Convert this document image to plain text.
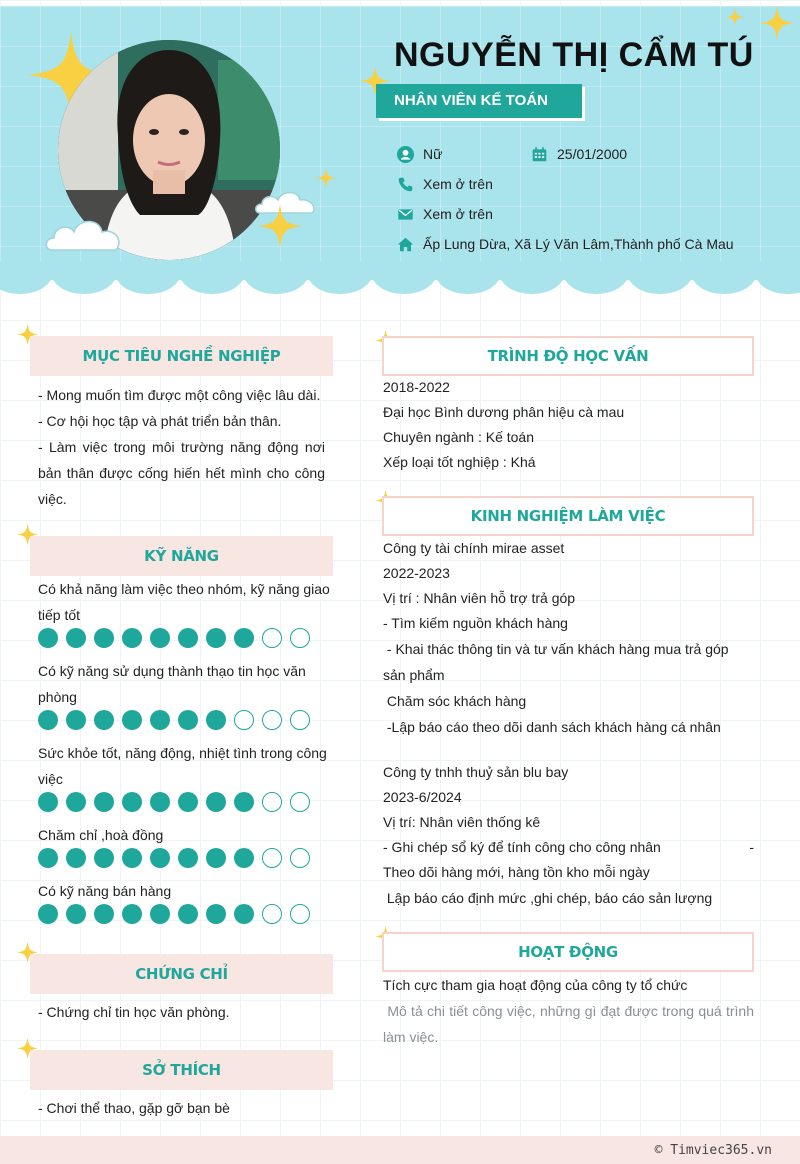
NGUYỄN THỊ CẨM TÚ
NHÂN VIÊN KẾ TOÁN
Nữ	25/01/2000
Xem ở trên
Xem ở trên
Ấp Lung Dừa, Xã Lý Văn Lâm,Thành phố Cà Mau
MỤC TIÊU NGHỀ NGHIỆP
- Mong muốn tìm được một công việc lâu dài.
- Cơ hội học tập và phát triển bản thân.
- Làm việc trong môi trường năng động nơi bản thân được cống hiến hết mình cho công việc.
KỸ NĂNG
Có khả năng làm việc theo nhóm, kỹ năng giao tiếp tốt
Có kỹ năng sử dụng thành thạo tin học văn phòng
Sức khỏe tốt, năng động, nhiệt tình trong công việc
Chăm chỉ ,hoà đồng
Có kỹ năng bán hàng
CHỨNG CHỈ
- Chứng chỉ tin học văn phòng.
SỞ THÍCH
- Chơi thể thao, gặp gỡ bạn bè
TRÌNH ĐỘ HỌC VẤN
2018-2022
Đại học Bình dương phân hiệu cà mau
Chuyên ngành : Kế toán
Xếp loại tốt nghiệp : Khá
KINH NGHIỆM LÀM VIỆC
Công ty tài chính mirae asset
2022-2023
Vị trí : Nhân viên hỗ trợ trả góp
- Tìm kiếm nguồn khách hàng
- Khai thác thông tin và tư vấn khách hàng mua trả góp sản phẩm
Chăm sóc khách hàng
-Lập báo cáo theo dõi danh sách khách hàng cá nhân
Công ty tnhh thuỷ sản blu bay
2023-6/2024
Vị trí: Nhân viên thống kê
- Ghi chép sổ ký để tính công cho công nhân	-
Theo dõi hàng mới, hàng tồn kho mỗi ngày
Lập báo cáo định mức ,ghi chép, báo cáo sản lượng
HOẠT ĐỘNG
Tích cực tham gia hoạt động của công ty tổ chức
Mô tả chi tiết công việc, những gì đạt được trong quá trình làm việc.
© Timviec365.vn
